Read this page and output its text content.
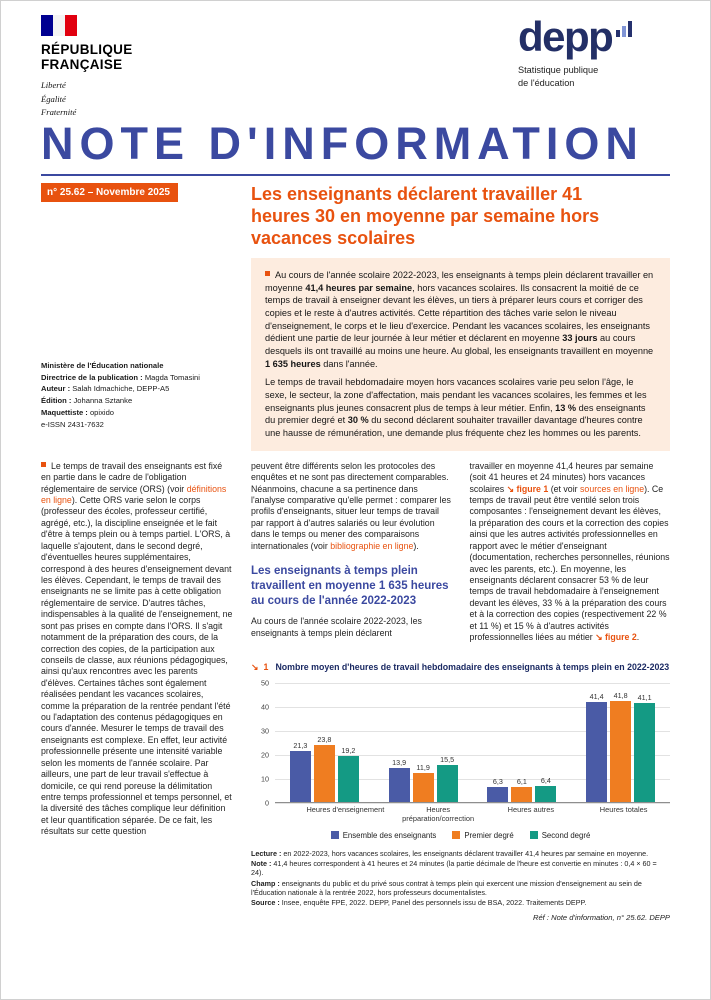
RÉPUBLIQUE
FRANÇAISE
Liberté
Égalité
Fraternité
depp
Statistique publique
de l'éducation
NOTE D'INFORMATION
n° 25.62 – Novembre 2025
Ministère de l'Éducation nationale
Directrice de la publication : Magda Tomasini
Auteur : Salah Idmachiche, DEPP-A5
Édition : Johanna Sztanke
Maquettiste : opixido
e-ISSN 2431-7632
Les enseignants déclarent travailler 41 heures 30 en moyenne par semaine hors vacances scolaires

Au cours de l'année scolaire 2022-2023, les enseignants à temps plein déclarent travailler en moyenne 41,4 heures par semaine, hors vacances scolaires. Ils consacrent la moitié de ce temps de travail à enseigner devant les élèves, un tiers à préparer leurs cours et corriger des copies et le reste à d'autres activités. Cette répartition des tâches varie selon le niveau d'enseignement, le corps et le lieu d'exercice. Pendant les vacances scolaires, les enseignants dédient une partie de leur journée à leur métier et déclarent en moyenne 33 jours au cours desquels ils ont travaillé au moins une heure. Au global, les enseignants travaillent en moyenne 1 635 heures dans l'année.

Le temps de travail hebdomadaire moyen hors vacances scolaires varie peu selon l'âge, le sexe, le secteur, la zone d'affectation, mais pendant les vacances scolaires, les femmes et les enseignants plus jeunes consacrent plus de temps à leur métier. Enfin, 13 % des enseignants du premier degré et 30 % du second déclarent souhaiter travailler davantage d'heures contre une hausse de rémunération, une demande plus fréquente chez les hommes ou les parents.

Le temps de travail des enseignants est fixé en partie dans le cadre de l'obligation réglementaire de service (ORS) (voir définitions en ligne). Cette ORS varie selon le corps (professeur des écoles, professeur certifié, agrégé, etc.), la discipline enseignée et le fait d'être à temps plein ou à temps partiel. L'ORS, à laquelle s'ajoutent, dans le second degré, d'éventuelles heures supplémentaires, correspond à des heures d'enseignement devant les élèves. Cependant, le temps de travail des enseignants ne se limite pas à cette obligation réglementaire de service. D'autres tâches, indispensables à la qualité de l'enseignement, ne sont pas prises en compte dans l'ORS. Il s'agit notamment de la préparation des cours, de la correction des copies, de la participation aux conseils de classe, aux réunions pédagogiques, ainsi qu'aux rencontres avec les parents d'élèves. Certaines tâches sont également réalisées pendant les vacances scolaires, comme la préparation de la rentrée pendant l'été ou l'adaptation des contenus pédagogiques en cours d'année. Mesurer le temps de travail des enseignants est complexe. En effet, leur activité professionnelle présente une intensité variable selon les moments de l'année scolaire. Par ailleurs, une part de leur travail s'effectue à domicile, ce qui rend poreuse la délimitation entre temps professionnel et temps personnel, et la diversité des tâches complique leur définition et leur quantification séparée. De ce fait, les résultats sur cette question

peuvent être différents selon les protocoles des enquêtes et ne sont pas directement comparables. Néanmoins, chacune a sa pertinence dans l'analyse comparative qu'elle permet : comparer les profils d'enseignants, situer leur temps de travail par rapport à d'autres salariés ou leur évolution dans le temps ou mener des comparaisons internationales (voir bibliographie en ligne).

Les enseignants à temps plein travaillent en moyenne 1 635 heures au cours de l'année 2022-2023

Au cours de l'année scolaire 2022-2023, les enseignants à temps plein déclarent

travailler en moyenne 41,4 heures par semaine (soit 41 heures et 24 minutes) hors vacances scolaires ↘ figure 1 (et voir sources en ligne). Ce temps de travail peut être ventilé selon trois composantes : l'enseignement devant les élèves, la préparation des cours et la correction des copies ainsi que les autres activités professionnelles en rapport avec le métier d'enseignant (documentation, recherches personnelles, réunions avec les parents, etc.). En moyenne, les enseignants déclarent consacrer 53 % de leur temps de travail hebdomadaire à l'enseignement devant les élèves, 33 % à la préparation des cours et à la correction des copies (respectivement 22 % et 11 %) et 15 % à d'autres activités professionnelles liées au métier ↘ figure 2.

↘ 1 Nombre moyen d'heures de travail hebdomadaire des enseignants à temps plein en 2022-2023
0
10
20
30
40
50
21,3
23,8
19,2
13,9
11,9
15,5
6,3 6,1 6,4
41,4 41,8 41,1
Heures d'enseignement	Heures préparation/correction
Heures autres	Heures totales
Ensemble des enseignants	Premier degré	Second degré

Lecture : en 2022-2023, hors vacances scolaires, les enseignants déclarent travailler 41,4 heures par semaine en moyenne.

Note : 41,4 heures correspondent à 41 heures et 24 minutes (la partie décimale de l'heure est convertie en minutes : 0,4 × 60 = 24).

Champ : enseignants du public et du privé sous contrat à temps plein qui exercent une mission d'enseignement au sein de l'Éducation nationale à la rentrée 2022, hors professeurs documentalistes.

Source : Insee, enquête FPE, 2022. DEPP, Panel des personnels issu de BSA, 2022. Traitements DEPP.

Réf : Note d'information, n° 25.62. DEPP
